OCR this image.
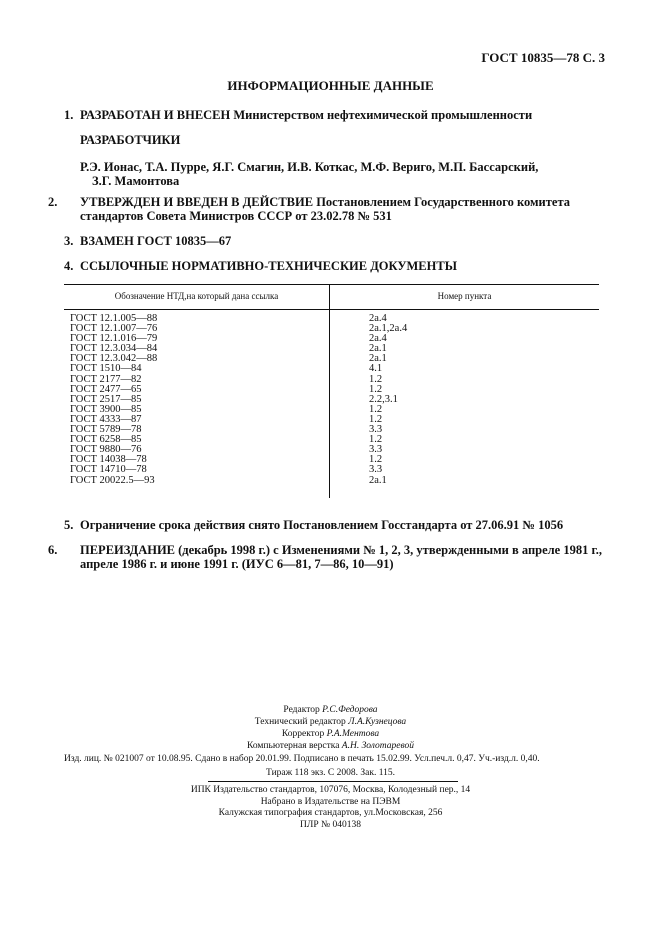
ГОСТ 10835—78 С. 3
ИНФОРМАЦИОННЫЕ ДАННЫЕ
1. РАЗРАБОТАН И ВНЕСЕН Министерством нефтехимической промышленности
РАЗРАБОТЧИКИ
Р.Э. Ионас, Т.А. Пурре, Я.Г. Смагин, И.В. Коткас, М.Ф. Вериго, М.П. Бассарский,
З.Г. Мамонтова
2. УТВЕРЖДЕН И ВВЕДЕН В ДЕЙСТВИЕ Постановлением Государственного комитета стандартов Совета Министров СССР от 23.02.78 № 531
3. ВЗАМЕН ГОСТ 10835—67
4. ССЫЛОЧНЫЕ НОРМАТИВНО-ТЕХНИЧЕСКИЕ ДОКУМЕНТЫ
Обозначение НТД,на который дана ссылка	Номер пункта
ГОСТ 12.1.005—88	2а.4
ГОСТ 12.1.007—76	2а.1,2а.4
ГОСТ 12.1.016—79	2а.4
ГОСТ 12.3.034—84	2а.1
ГОСТ 12.3.042—88	2а.1
ГОСТ 1510—84	4.1
ГОСТ 2177—82	1.2
ГОСТ 2477—65	1.2
ГОСТ 2517—85	2.2,3.1
ГОСТ 3900—85	1.2
ГОСТ 4333—87	1.2
ГОСТ 5789—78	3.3
ГОСТ 6258—85	1.2
ГОСТ 9880—76	3.3
ГОСТ 14038—78	1.2
ГОСТ 14710—78	3.3
ГОСТ 20022.5—93	2а.1
5. Ограничение срока действия снято Постановлением Госстандарта от 27.06.91 № 1056
6. ПЕРЕИЗДАНИЕ (декабрь 1998 г.) с Изменениями № 1, 2, 3, утвержденными в апреле 1981 г., апреле 1986 г. и июне 1991 г. (ИУС 6—81, 7—86, 10—91)
Редактор Р.С.Федорова
Технический редактор Л.А.Кузнецова
Корректор Р.А.Ментова
Компьютерная верстка А.Н. Золотаревой
Изд. лиц. № 021007 от 10.08.95. Сдано в набор 20.01.99. Подписано в печать 15.02.99. Усл.печ.л. 0,47. Уч.-изд.л. 0,40.
Тираж 118 экз. С 2008. Зак. 115.
ИПК Издательство стандартов, 107076, Москва, Колодезный пер., 14
Набрано в Издательстве на ПЭВМ
Калужская типография стандартов, ул.Московская, 256
ПЛР № 040138
